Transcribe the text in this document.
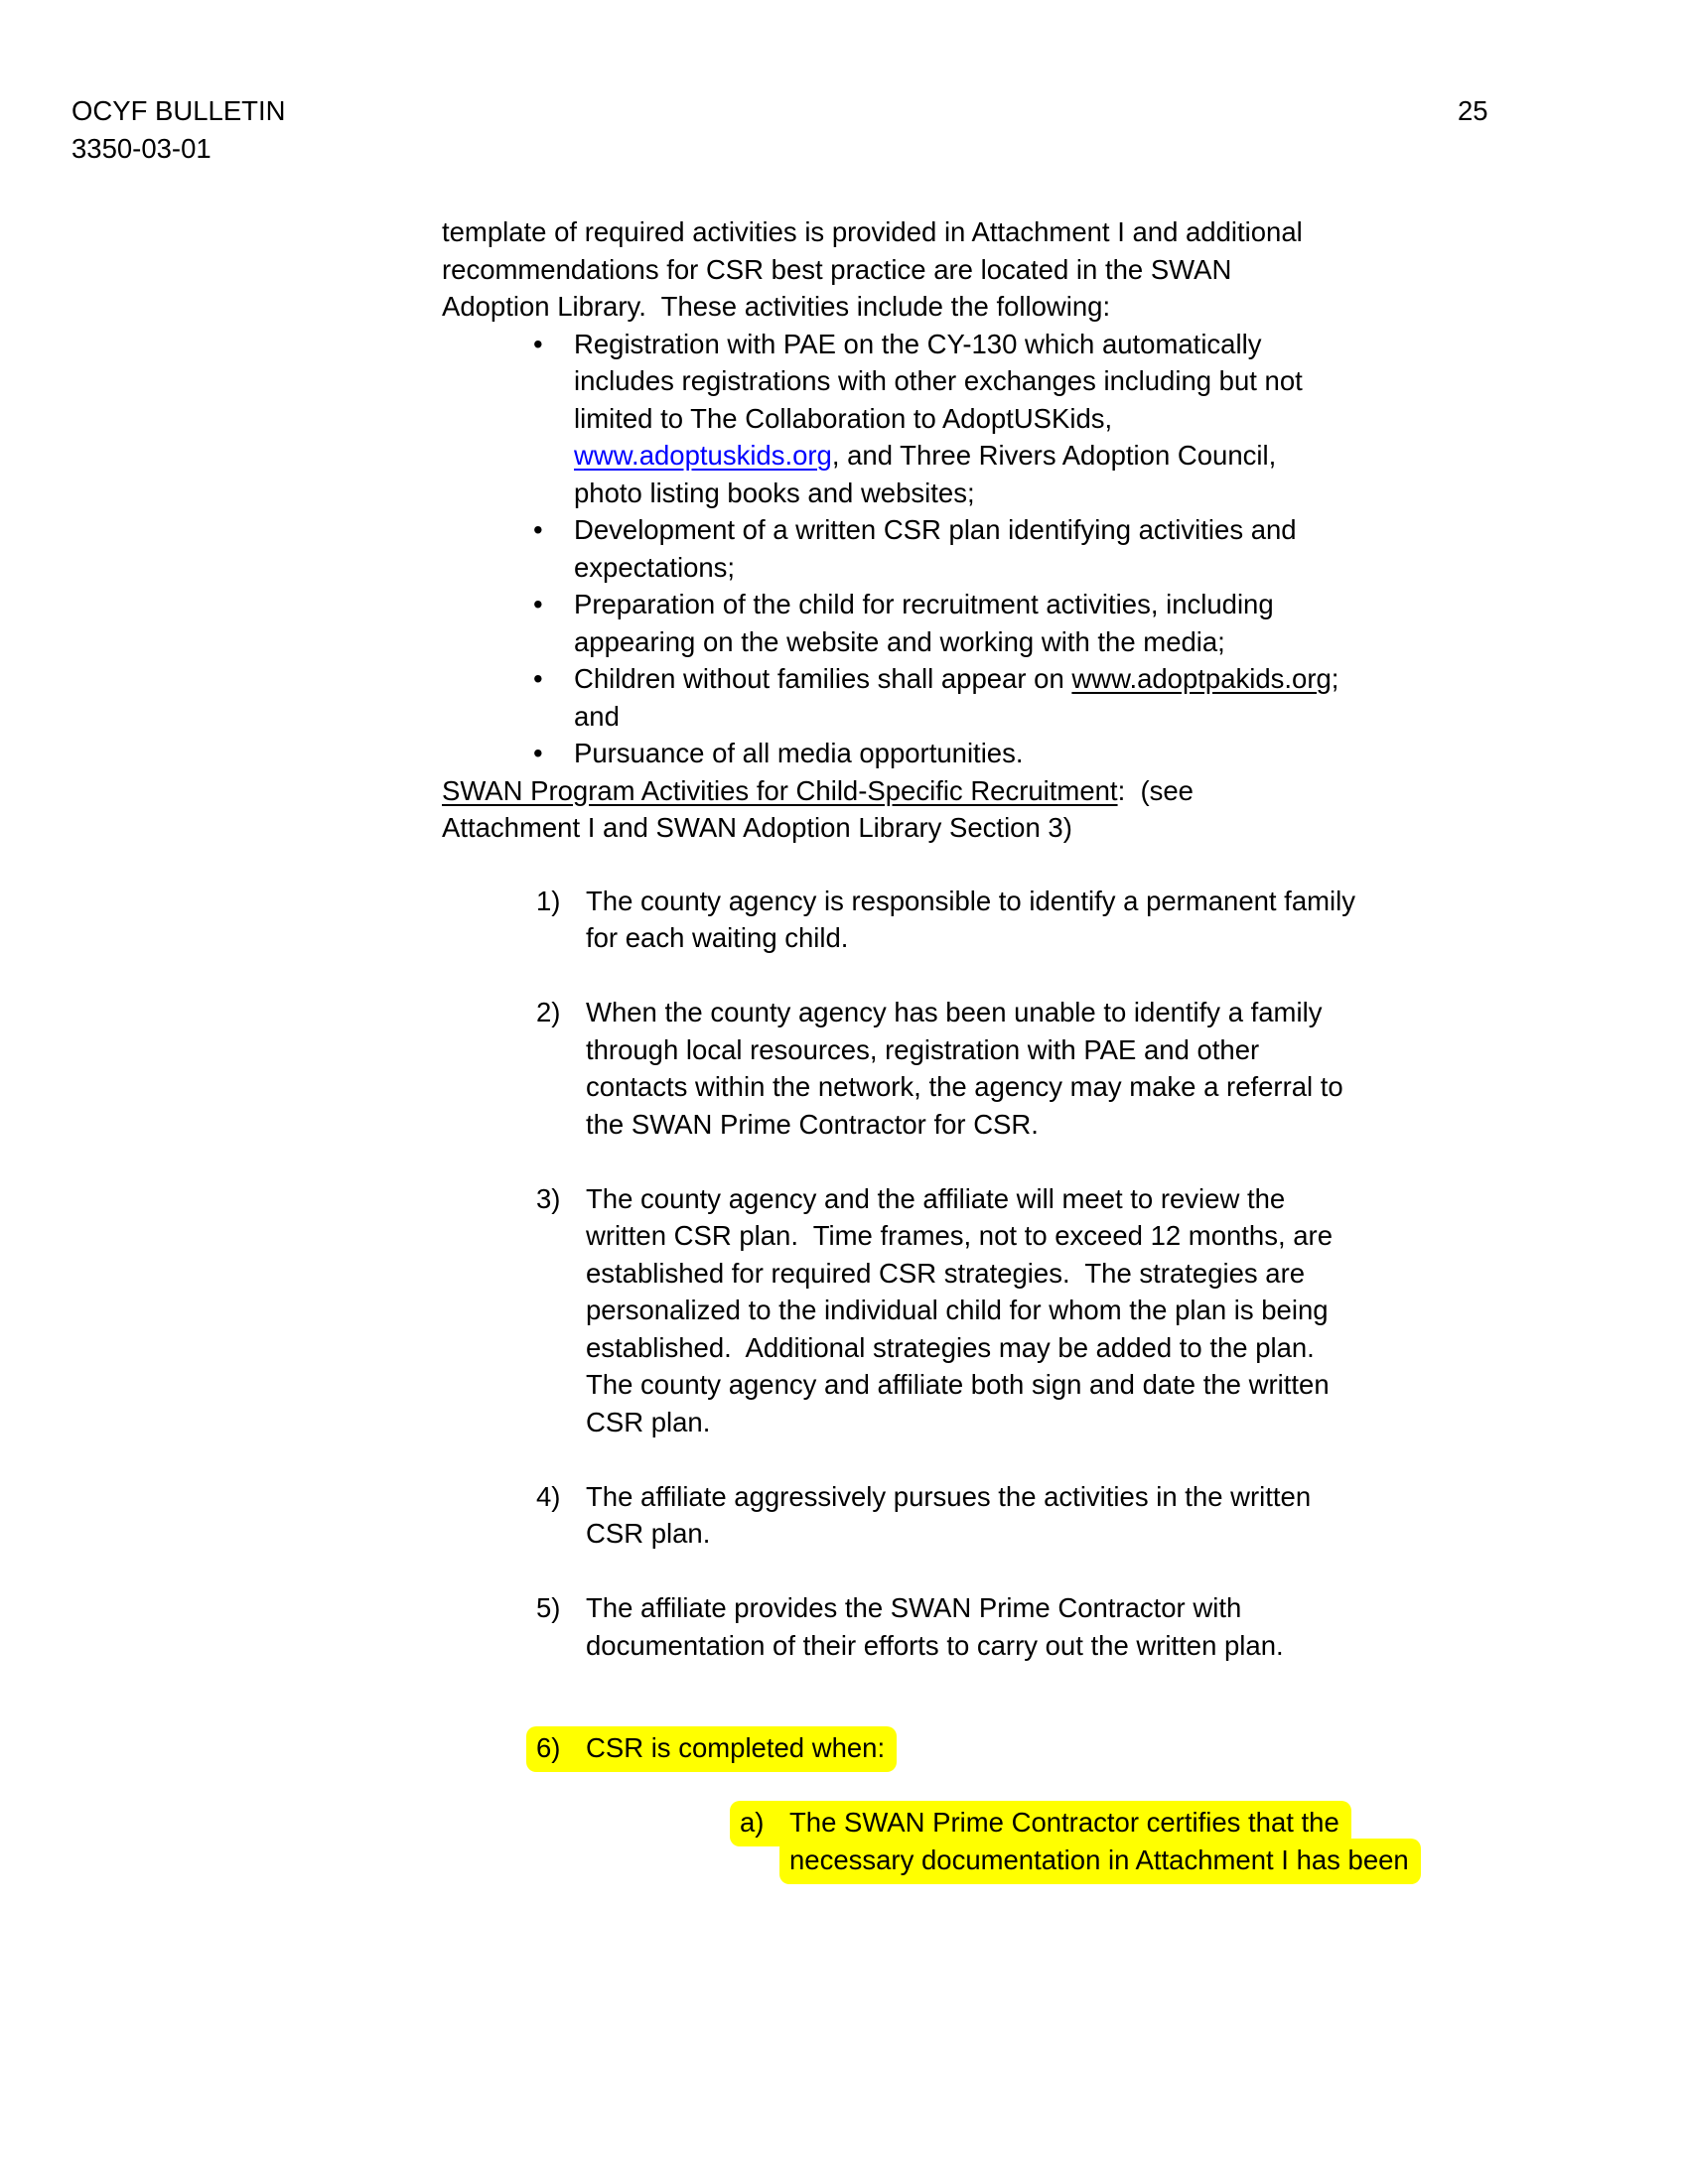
OCYF BULLETIN
3350-03-01
25

template of required activities is provided in Attachment I and additional
recommendations for CSR best practice are located in the SWAN
Adoption Library.  These activities include the following:

• Registration with PAE on the CY-130 which automatically
includes registrations with other exchanges including but not
limited to The Collaboration to AdoptUSKids,
www.adoptuskids.org, and Three Rivers Adoption Council,
photo listing books and websites;
• Development of a written CSR plan identifying activities and
expectations;
• Preparation of the child for recruitment activities, including
appearing on the website and working with the media;
• Children without families shall appear on www.adoptpakids.org;
and
• Pursuance of all media opportunities.

SWAN Program Activities for Child-Specific Recruitment:  (see
Attachment I and SWAN Adoption Library Section 3)

1) The county agency is responsible to identify a permanent family
for each waiting child.
2) When the county agency has been unable to identify a family
through local resources, registration with PAE and other
contacts within the network, the agency may make a referral to
the SWAN Prime Contractor for CSR.
3) The county agency and the affiliate will meet to review the
written CSR plan.  Time frames, not to exceed 12 months, are
established for required CSR strategies.  The strategies are
personalized to the individual child for whom the plan is being
established.  Additional strategies may be added to the plan.
The county agency and affiliate both sign and date the written
CSR plan.
4) The affiliate aggressively pursues the activities in the written
CSR plan.
5) The affiliate provides the SWAN Prime Contractor with
documentation of their efforts to carry out the written plan.
6) CSR is completed when:
a) The SWAN Prime Contractor certifies that the
necessary documentation in Attachment I has been
